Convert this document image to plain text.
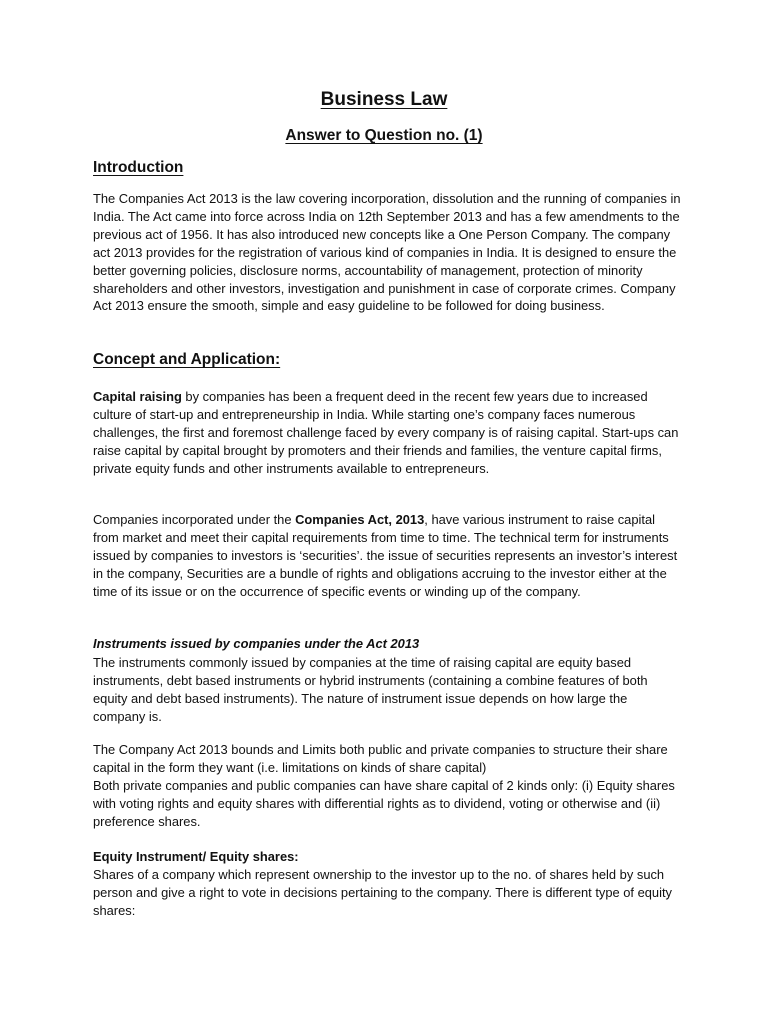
Business Law
Answer to Question no. (1)
Introduction

The Companies Act 2013 is the law covering incorporation, dissolution and the running of companies in India. The Act came into force across India on 12th September 2013 and has a few amendments to the previous act of 1956. It has also introduced new concepts like a One Person Company. The company act 2013 provides for the registration of various kind of companies in India. It is designed to ensure the better governing policies, disclosure norms, accountability of management, protection of minority shareholders and other investors, investigation and punishment in case of corporate crimes. Company Act 2013 ensure the smooth, simple and easy guideline to be followed for doing business.

Concept and Application:

Capital raising by companies has been a frequent deed in the recent few years due to increased culture of start-up and entrepreneurship in India. While starting one’s company faces numerous challenges, the first and foremost challenge faced by every company is of raising capital. Start-ups can raise capital by capital brought by promoters and their friends and families, the venture capital firms, private equity funds and other instruments available to entrepreneurs.

Companies incorporated under the Companies Act, 2013, have various instrument to raise capital from market and meet their capital requirements from time to time. The technical term for instruments issued by companies to investors is ‘securities’. the issue of securities represents an investor’s interest in the company, Securities are a bundle of rights and obligations accruing to the investor either at the time of its issue or on the occurrence of specific events or winding up of the company.

Instruments issued by companies under the Act 2013

The instruments commonly issued by companies at the time of raising capital are equity based instruments, debt based instruments or hybrid instruments (containing a combine features of both equity and debt based instruments). The nature of instrument issue depends on how large the company is.

The Company Act 2013 bounds and Limits both public and private companies to structure their share capital in the form they want (i.e. limitations on kinds of share capital)

Both private companies and public companies can have share capital of 2 kinds only: (i) Equity shares with voting rights and equity shares with differential rights as to dividend, voting or otherwise and (ii) preference shares.

Equity Instrument/ Equity shares:

Shares of a company which represent ownership to the investor up to the no. of shares held by such person and give a right to vote in decisions pertaining to the company. There is different type of equity shares:
